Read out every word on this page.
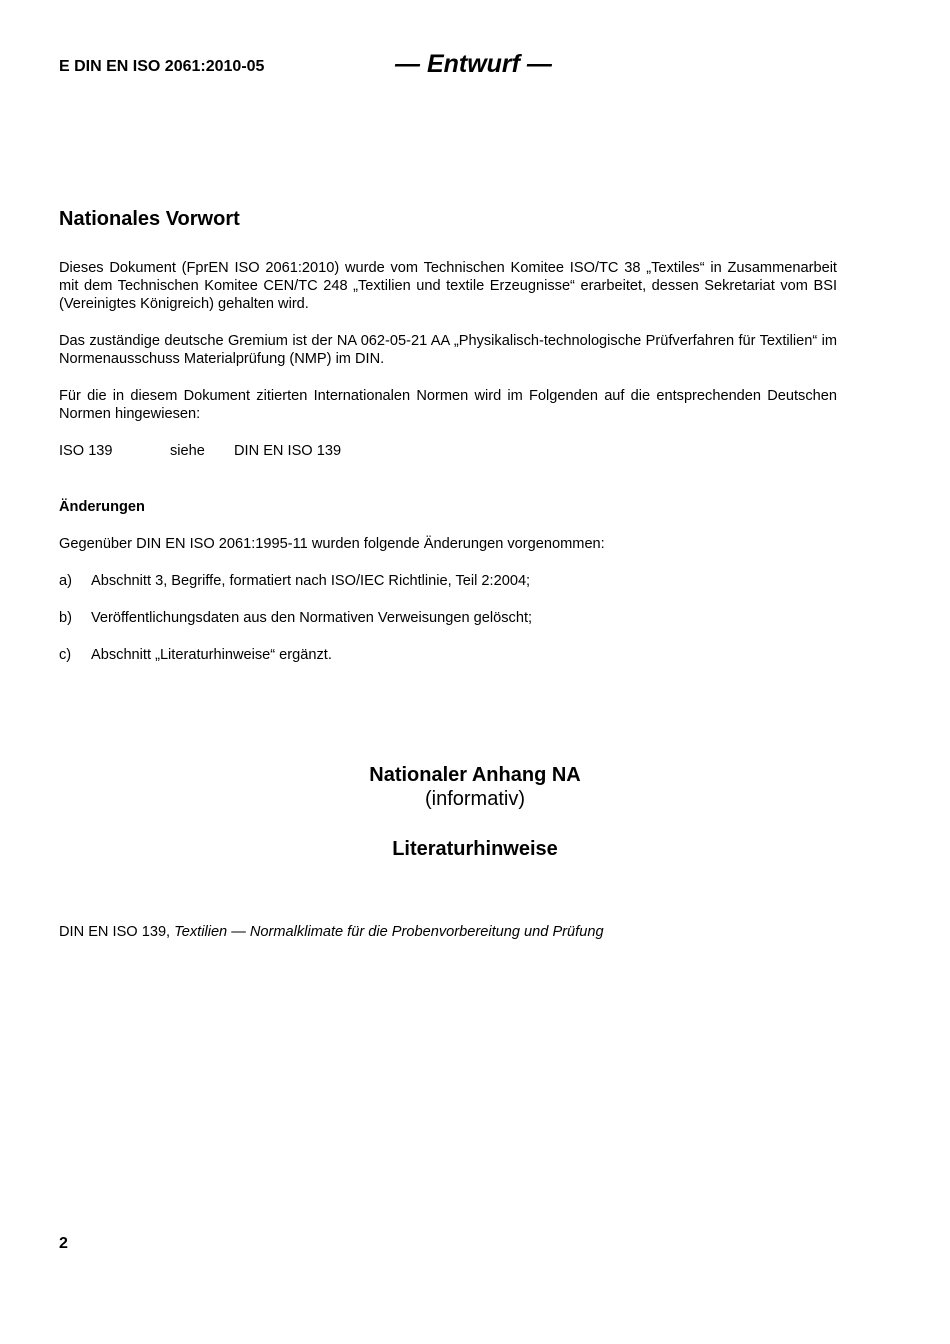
E DIN EN ISO 2061:2010-05	— Entwurf —
Nationales Vorwort

Dieses Dokument (FprEN ISO 2061:2010) wurde vom Technischen Komitee ISO/TC 38 „Textiles“ in Zusammenarbeit mit dem Technischen Komitee CEN/TC 248 „Textilien und textile Erzeugnisse“ erarbeitet, dessen Sekretariat vom BSI (Vereinigtes Königreich) gehalten wird.

Das zuständige deutsche Gremium ist der NA 062-05-21 AA „Physikalisch-technologische Prüfverfahren für Textilien“ im Normenausschuss Materialprüfung (NMP) im DIN.

Für die in diesem Dokument zitierten Internationalen Normen wird im Folgenden auf die entsprechenden Deutschen Normen hingewiesen:

ISO 139	siehe	DIN EN ISO 139
Änderungen

Gegenüber DIN EN ISO 2061:1995-11 wurden folgende Änderungen vorgenommen:

a)	Abschnitt 3, Begriffe, formatiert nach ISO/IEC Richtlinie, Teil 2:2004;
b)	Veröffentlichungsdaten aus den Normativen Verweisungen gelöscht;
c)	Abschnitt „Literaturhinweise“ ergänzt.
Nationaler Anhang NA
(informativ)
Literaturhinweise
DIN EN ISO 139, Textilien — Normalklimate für die Probenvorbereitung und Prüfung
2
